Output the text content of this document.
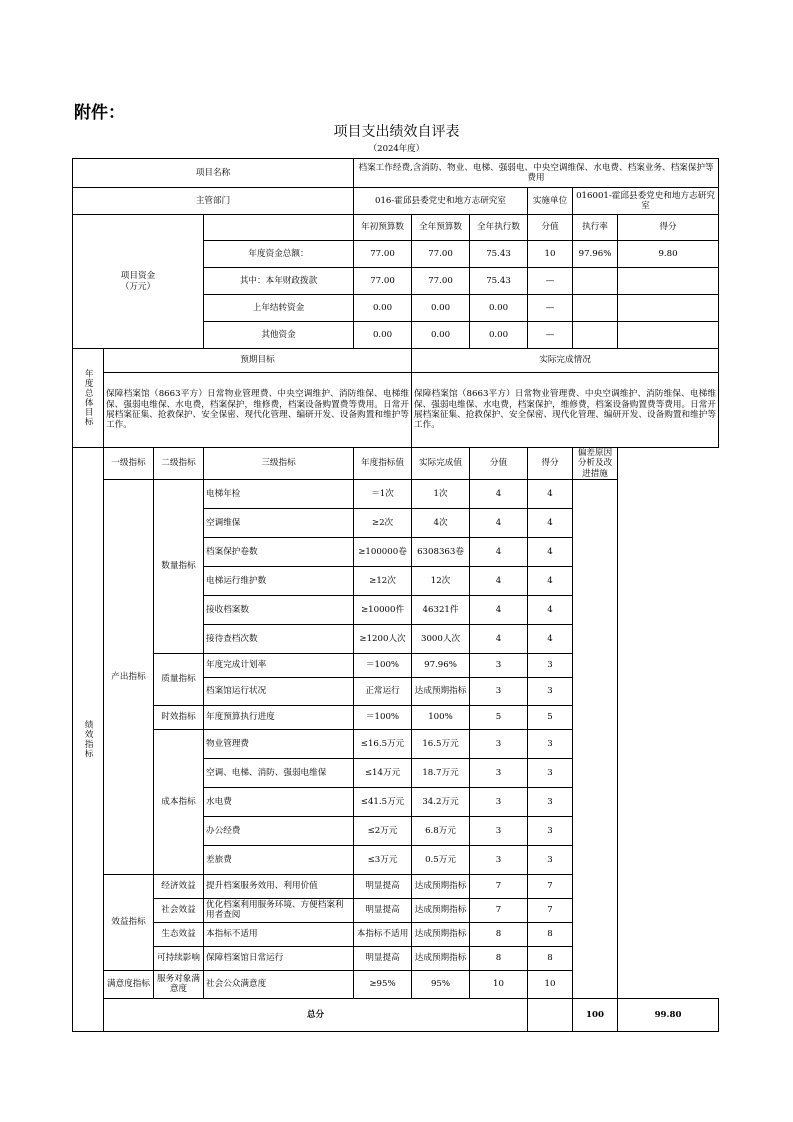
附件：
项目支出绩效自评表
（2024年度）
项目名称				档案工作经费,含消防、物业、电梯、强弱电、中央空调维保、水电费、档案业务、档案保护等费用						
主管部门				016-霍邱县委党史和地方志研究室			实施单位	016001-霍邱县委党史和地方志研究室		

项目资金
（万元）				年初预算数	全年预算数	全年执行数	分值	执行率	得分	
			年度资金总额：	77.00	77.00	75.43	10	97.96%	9.80	
			其中：本年财政拨款	77.00	77.00	75.43	—			
			上年结转资金	0.00	0.00	0.00	—			
			其他资金	0.00	0.00	0.00	—			

年度总体目标	预期目标				实际完成情况					
	保障档案馆（8663平方）日常物业管理费、中央空调维护、消防维保、电梯维保、强弱电维保、水电费，档案保护，维修费，档案设备购置费等费用。日常开展档案征集、抢救保护、安全保密、现代化管理、编研开发、设备购置和维护等工作。				保障档案馆（8663平方）日常物业管理费、中央空调维护、消防维保、电梯维保、强弱电维保、水电费，档案保护，维修费，档案设备购置费等费用。日常开展档案征集、抢救保护、安全保密、现代化管理、编研开发、设备购置和维护等工作。					

绩效指标	一级指标	二级指标	三级指标	年度指标值	实际完成值	分值	得分	偏差原因分析及改进措施		
	产出指标	数量指标	电梯年检	＝1次	1次	4	4			
			空调维保	≥2次	4次	4	4			
			档案保护卷数	≥100000卷	6308363卷	4	4			
			电梯运行维护数	≥12次	12次	4	4			
			接收档案数	≥10000件	46321件	4	4			
			接待查档次数	≥1200人次	3000人次	4	4			
		质量指标	年度完成计划率	＝100%	97.96%	3	3			
			档案馆运行状况	正常运行	达成预期指标	3	3			
		时效指标	年度预算执行进度	＝100%	100%	5	5			
		成本指标	物业管理费	≤16.5万元	16.5万元	3	3			
			空调、电梯、消防、强弱电维保	≤14万元	18.7万元	3	3			
			水电费	≤41.5万元	34.2万元	3	3			
			办公经费	≤2万元	6.8万元	3	3			
			差旅费	≤3万元	0.5万元	3	3			
	效益指标	经济效益	提升档案服务效用、利用价值	明显提高	达成预期指标	7	7			
		社会效益	优化档案利用服务环境、方便档案利用者查阅	明显提高	达成预期指标	7	7			
		生态效益	本指标不适用	本指标不适用	达成预期指标	8	8			
		可持续影响	保障档案馆日常运行	明显提高	达成预期指标	8	8			
	满意度指标	服务对象满意度	社会公众满意度	≥95%	95%	10	10			
	总分							100	99.80	
